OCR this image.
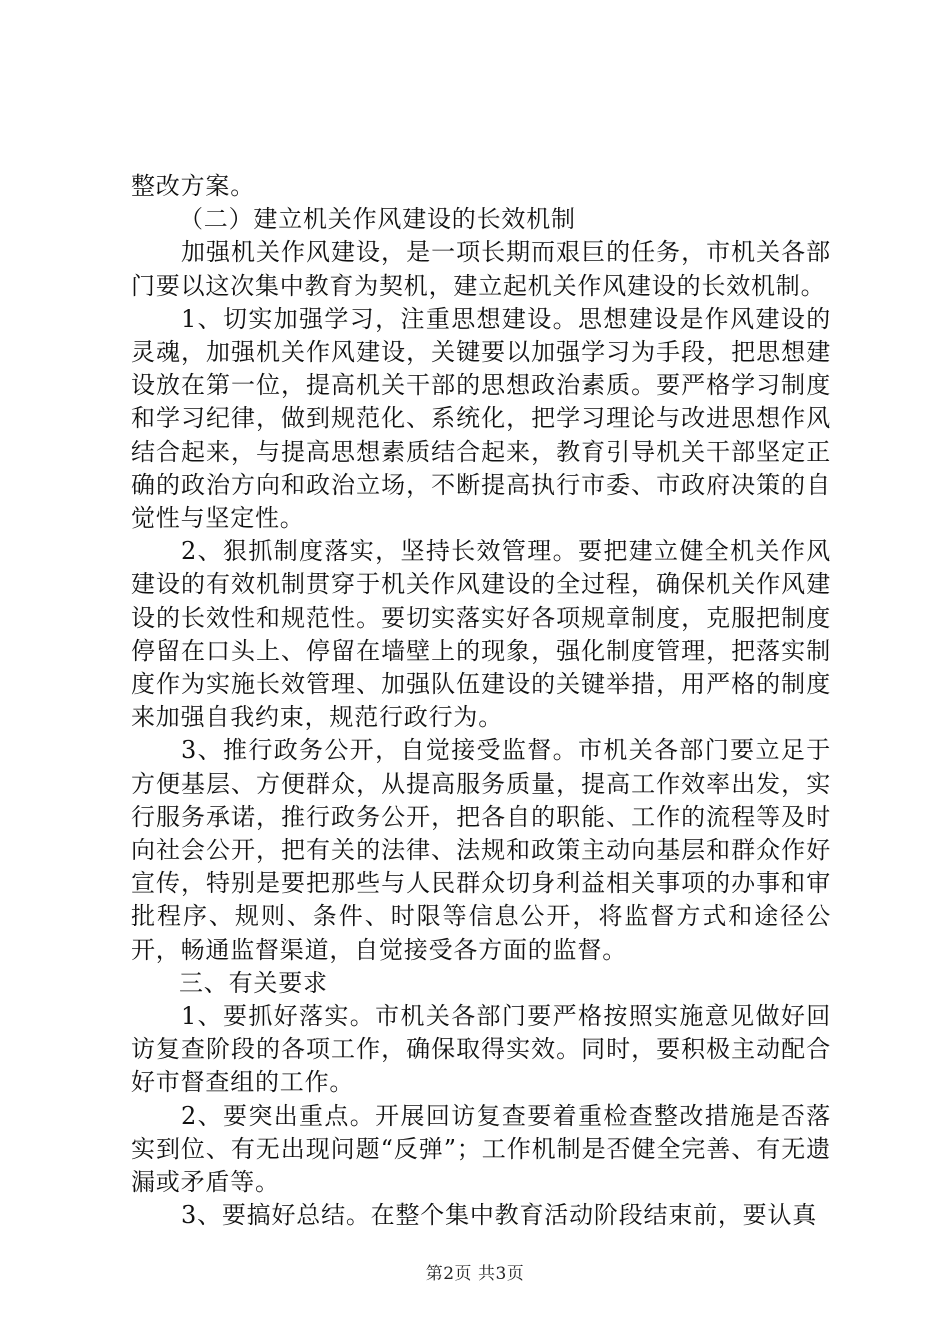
整改方案。

（二）建立机关作风建设的长效机制

加强机关作风建设，是一项长期而艰巨的任务，市机关各部门要以这次集中教育为契机，建立起机关作风建设的长效机制。

1、切实加强学习，注重思想建设。思想建设是作风建设的灵魂，加强机关作风建设，关键要以加强学习为手段，把思想建设放在第一位，提高机关干部的思想政治素质。要严格学习制度和学习纪律，做到规范化、系统化，把学习理论与改进思想作风结合起来，与提高思想素质结合起来，教育引导机关干部坚定正确的政治方向和政治立场，不断提高执行市委、市政府决策的自觉性与坚定性。

2、狠抓制度落实，坚持长效管理。要把建立健全机关作风建设的有效机制贯穿于机关作风建设的全过程，确保机关作风建设的长效性和规范性。要切实落实好各项规章制度，克服把制度停留在口头上、停留在墙壁上的现象，强化制度管理，把落实制度作为实施长效管理、加强队伍建设的关键举措，用严格的制度来加强自我约束，规范行政行为。

3、推行政务公开，自觉接受监督。市机关各部门要立足于方便基层、方便群众，从提高服务质量，提高工作效率出发，实行服务承诺，推行政务公开，把各自的职能、工作的流程等及时向社会公开，把有关的法律、法规和政策主动向基层和群众作好宣传，特别是要把那些与人民群众切身利益相关事项的办事和审批程序、规则、条件、时限等信息公开，将监督方式和途径公开，畅通监督渠道，自觉接受各方面的监督。

三、有关要求

1、要抓好落实。市机关各部门要严格按照实施意见做好回访复查阶段的各项工作，确保取得实效。同时，要积极主动配合好市督查组的工作。

2、要突出重点。开展回访复查要着重检查整改措施是否落实到位、有无出现问题“反弹”；工作机制是否健全完善、有无遗漏或矛盾等。

3、要搞好总结。在整个集中教育活动阶段结束前，要认真

第2页 共3页
